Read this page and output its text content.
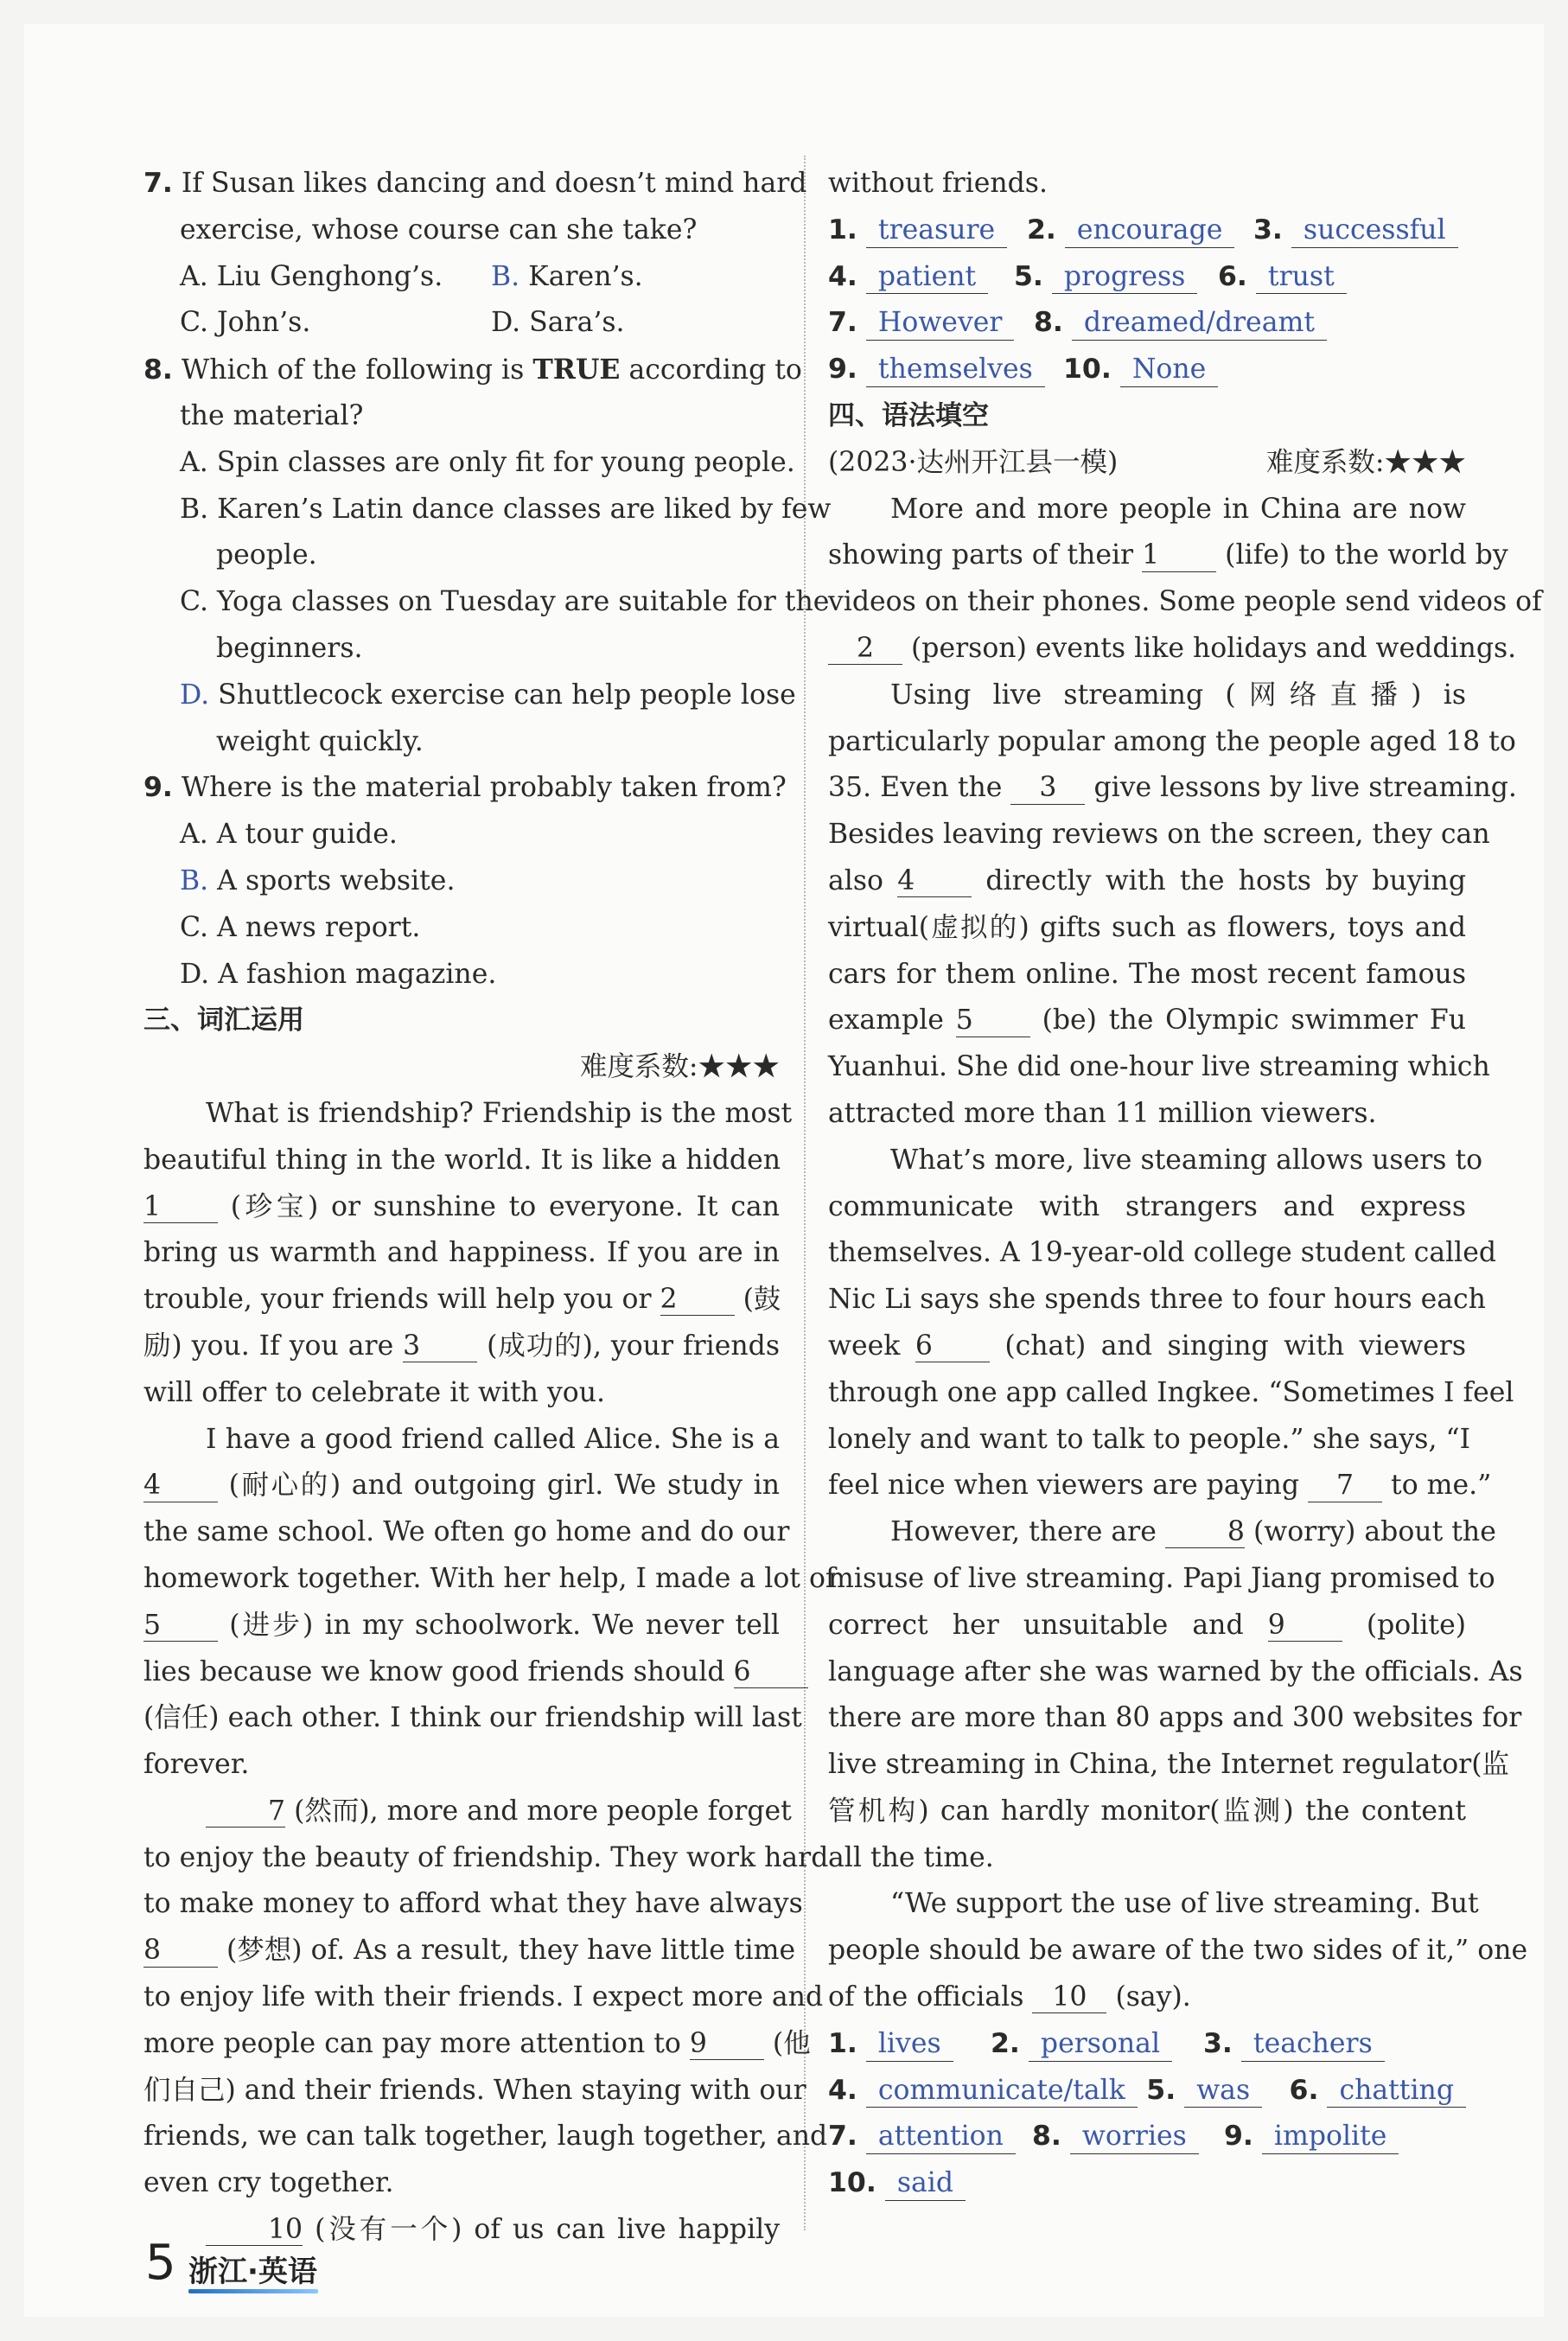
7. If Susan likes dancing and doesn’t mind hard
exercise, whose course can she take?
A. Liu Genghong’s. B. Karen’s.
C. John’s.	D. Sara’s.
8. Which of the following is TRUE according to
the material?
A. Spin classes are only fit for young people.
B. Karen’s Latin dance classes are liked by few
people.
C. Yoga classes on Tuesday are suitable for the
beginners.
D. Shuttlecock exercise can help people lose
weight quickly.
9. Where is the material probably taken from?
A. A tour guide.
B. A sports website.
C. A news report.
D. A fashion magazine.
三、词汇运用
难度系数:★★★
What is friendship? Friendship is the most
beautiful thing in the world. It is like a hidden
1	(珍宝) or sunshine to everyone. It can
bring us warmth and happiness. If you are in
trouble, your friends will help you or 2 (鼓
励) you. If you are 3 (成功的), your friends
will offer to celebrate it with you.
I have a good friend called Alice. She is a
4 (耐心的) and outgoing girl. We study in
the same school. We often go home and do our
homework together. With her help, I made a lot of
5	(进步) in my schoolwork. We never tell
lies because we know good friends should 6
(信任) each other. I think our friendship will last
forever.
7 (然而), more and more people forget
to enjoy the beauty of friendship. They work hard
to make money to afford what they have always
8 (梦想) of. As a result, they have little time
to enjoy life with their friends. I expect more and
more people can pay more attention to 9 (他
们自己) and their friends. When staying with our
friends, we can talk together, laugh together, and
even cry together.
10 (没有一个) of us can live happily
without friends.
1. treasure	2. encourage	3. successful
4. patient	5. progress	6. trust
7. However	8. dreamed/dreamt
9. themselves	10. None
四、语法填空
(2023·达州开江县一模)	难度系数:★★★
More and more people in China are now
showing parts of their 1 (life) to the world by
videos on their phones. Some people send videos of
2 (person) events like holidays and weddings.
Using live streaming (网络直播) is
particularly popular among the people aged 18 to
35. Even the 3 give lessons by live streaming.
Besides leaving reviews on the screen, they can
also 4	directly with the hosts by buying
virtual(虚拟的) gifts such as flowers, toys and
cars for them online. The most recent famous
example 5	(be) the Olympic swimmer Fu
Yuanhui. She did one-hour live streaming which
attracted more than 11 million viewers.
What’s more, live steaming allows users to
communicate with strangers and express
themselves. A 19-year-old college student called
Nic Li says she spends three to four hours each
week 6	(chat) and singing with viewers
through one app called Ingkee. “Sometimes I feel
lonely and want to talk to people.” she says, “I
feel nice when viewers are paying 7 to me.”
However, there are	8 (worry) about the
misuse of live streaming. Papi Jiang promised to
correct her unsuitable and 9	(polite)
language after she was warned by the officials. As
there are more than 80 apps and 300 websites for
live streaming in China, the Internet regulator(监
管机构) can hardly monitor(监测) the content
all the time.
“We support the use of live streaming. But
people should be aware of the two sides of it,” one
of the officials 10 (say).
1. lives	2. personal	3. teachers
4. communicate/talk 5. was	6. chatting
7. attention	8. worries	9. impolite
10. said
5 浙江·英语
